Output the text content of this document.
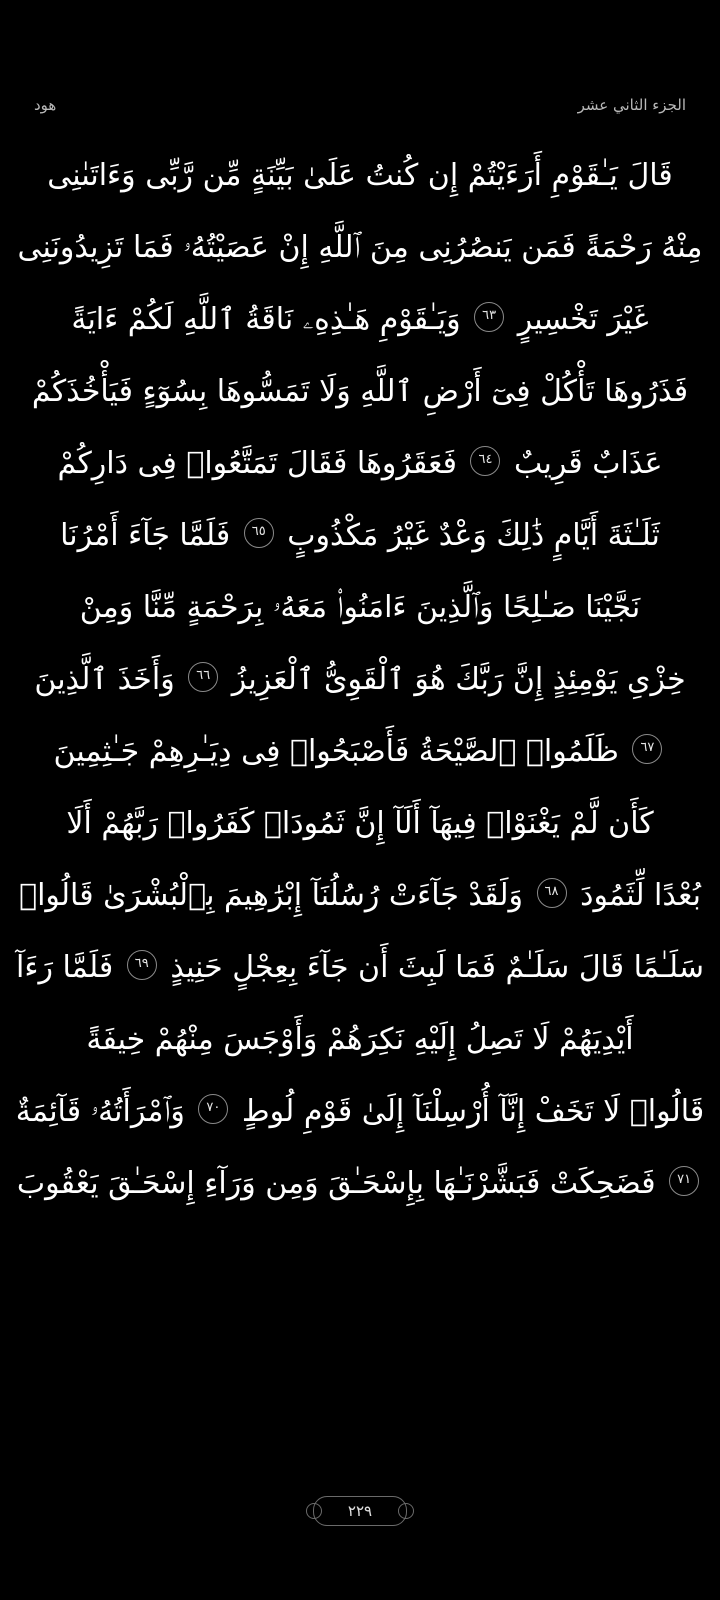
هود	الجزء الثاني عشر
قَالَ يَـٰقَوْمِ أَرَءَيْتُمْ إِن كُنتُ عَلَىٰ بَيِّنَةٍ مِّن رَّبِّى وَءَاتَىٰنِى
مِنْهُ رَحْمَةً فَمَن يَنصُرُنِى مِنَ ٱللَّهِ إِنْ عَصَيْتُهُۥ فَمَا تَزِيدُونَنِى
غَيْرَ تَخْسِيرٍ ٦٣ وَيَـٰقَوْمِ هَـٰذِهِۦ نَاقَةُ ٱللَّهِ لَكُمْ ءَايَةً
فَذَرُوهَا تَأْكُلْ فِىٓ أَرْضِ ٱللَّهِ وَلَا تَمَسُّوهَا بِسُوٓءٍ فَيَأْخُذَكُمْ
عَذَابٌ قَرِيبٌ ٦٤ فَعَقَرُوهَا فَقَالَ تَمَتَّعُوا۟ فِى دَارِكُمْ
ثَلَـٰثَةَ أَيَّامٍ ذَٰلِكَ وَعْدٌ غَيْرُ مَكْذُوبٍ ٦٥ فَلَمَّا جَآءَ أَمْرُنَا
نَجَّيْنَا صَـٰلِحًا وَٱلَّذِينَ ءَامَنُوا۟ مَعَهُۥ بِرَحْمَةٍ مِّنَّا وَمِنْ
خِزْىِ يَوْمِئِذٍ إِنَّ رَبَّكَ هُوَ ٱلْقَوِىُّ ٱلْعَزِيزُ ٦٦ وَأَخَذَ ٱلَّذِينَ
٦٧ ظَلَمُوا۟ ٱلصَّيْحَةُ فَأَصْبَحُوا۟ فِى دِيَـٰرِهِمْ جَـٰثِمِينَ
كَأَن لَّمْ يَغْنَوْا۟ فِيهَآ أَلَآ إِنَّ ثَمُودَا۟ كَفَرُوا۟ رَبَّهُمْ أَلَا
بُعْدًا لِّثَمُودَ ٦٨ وَلَقَدْ جَآءَتْ رُسُلُنَآ إِبْرَٰهِيمَ بِٱلْبُشْرَىٰ قَالُوا۟
سَلَـٰمًا قَالَ سَلَـٰمٌ فَمَا لَبِثَ أَن جَآءَ بِعِجْلٍ حَنِيذٍ ٦٩ فَلَمَّا رَءَآ
أَيْدِيَهُمْ لَا تَصِلُ إِلَيْهِ نَكِرَهُمْ وَأَوْجَسَ مِنْهُمْ خِيفَةً
قَالُوا۟ لَا تَخَفْ إِنَّآ أُرْسِلْنَآ إِلَىٰ قَوْمِ لُوطٍ ٧٠ وَٱمْرَأَتُهُۥ قَآئِمَةٌ
٧١ فَضَحِكَتْ فَبَشَّرْنَـٰهَا بِإِسْحَـٰقَ وَمِن وَرَآءِ إِسْحَـٰقَ يَعْقُوبَ
٢٢٩
